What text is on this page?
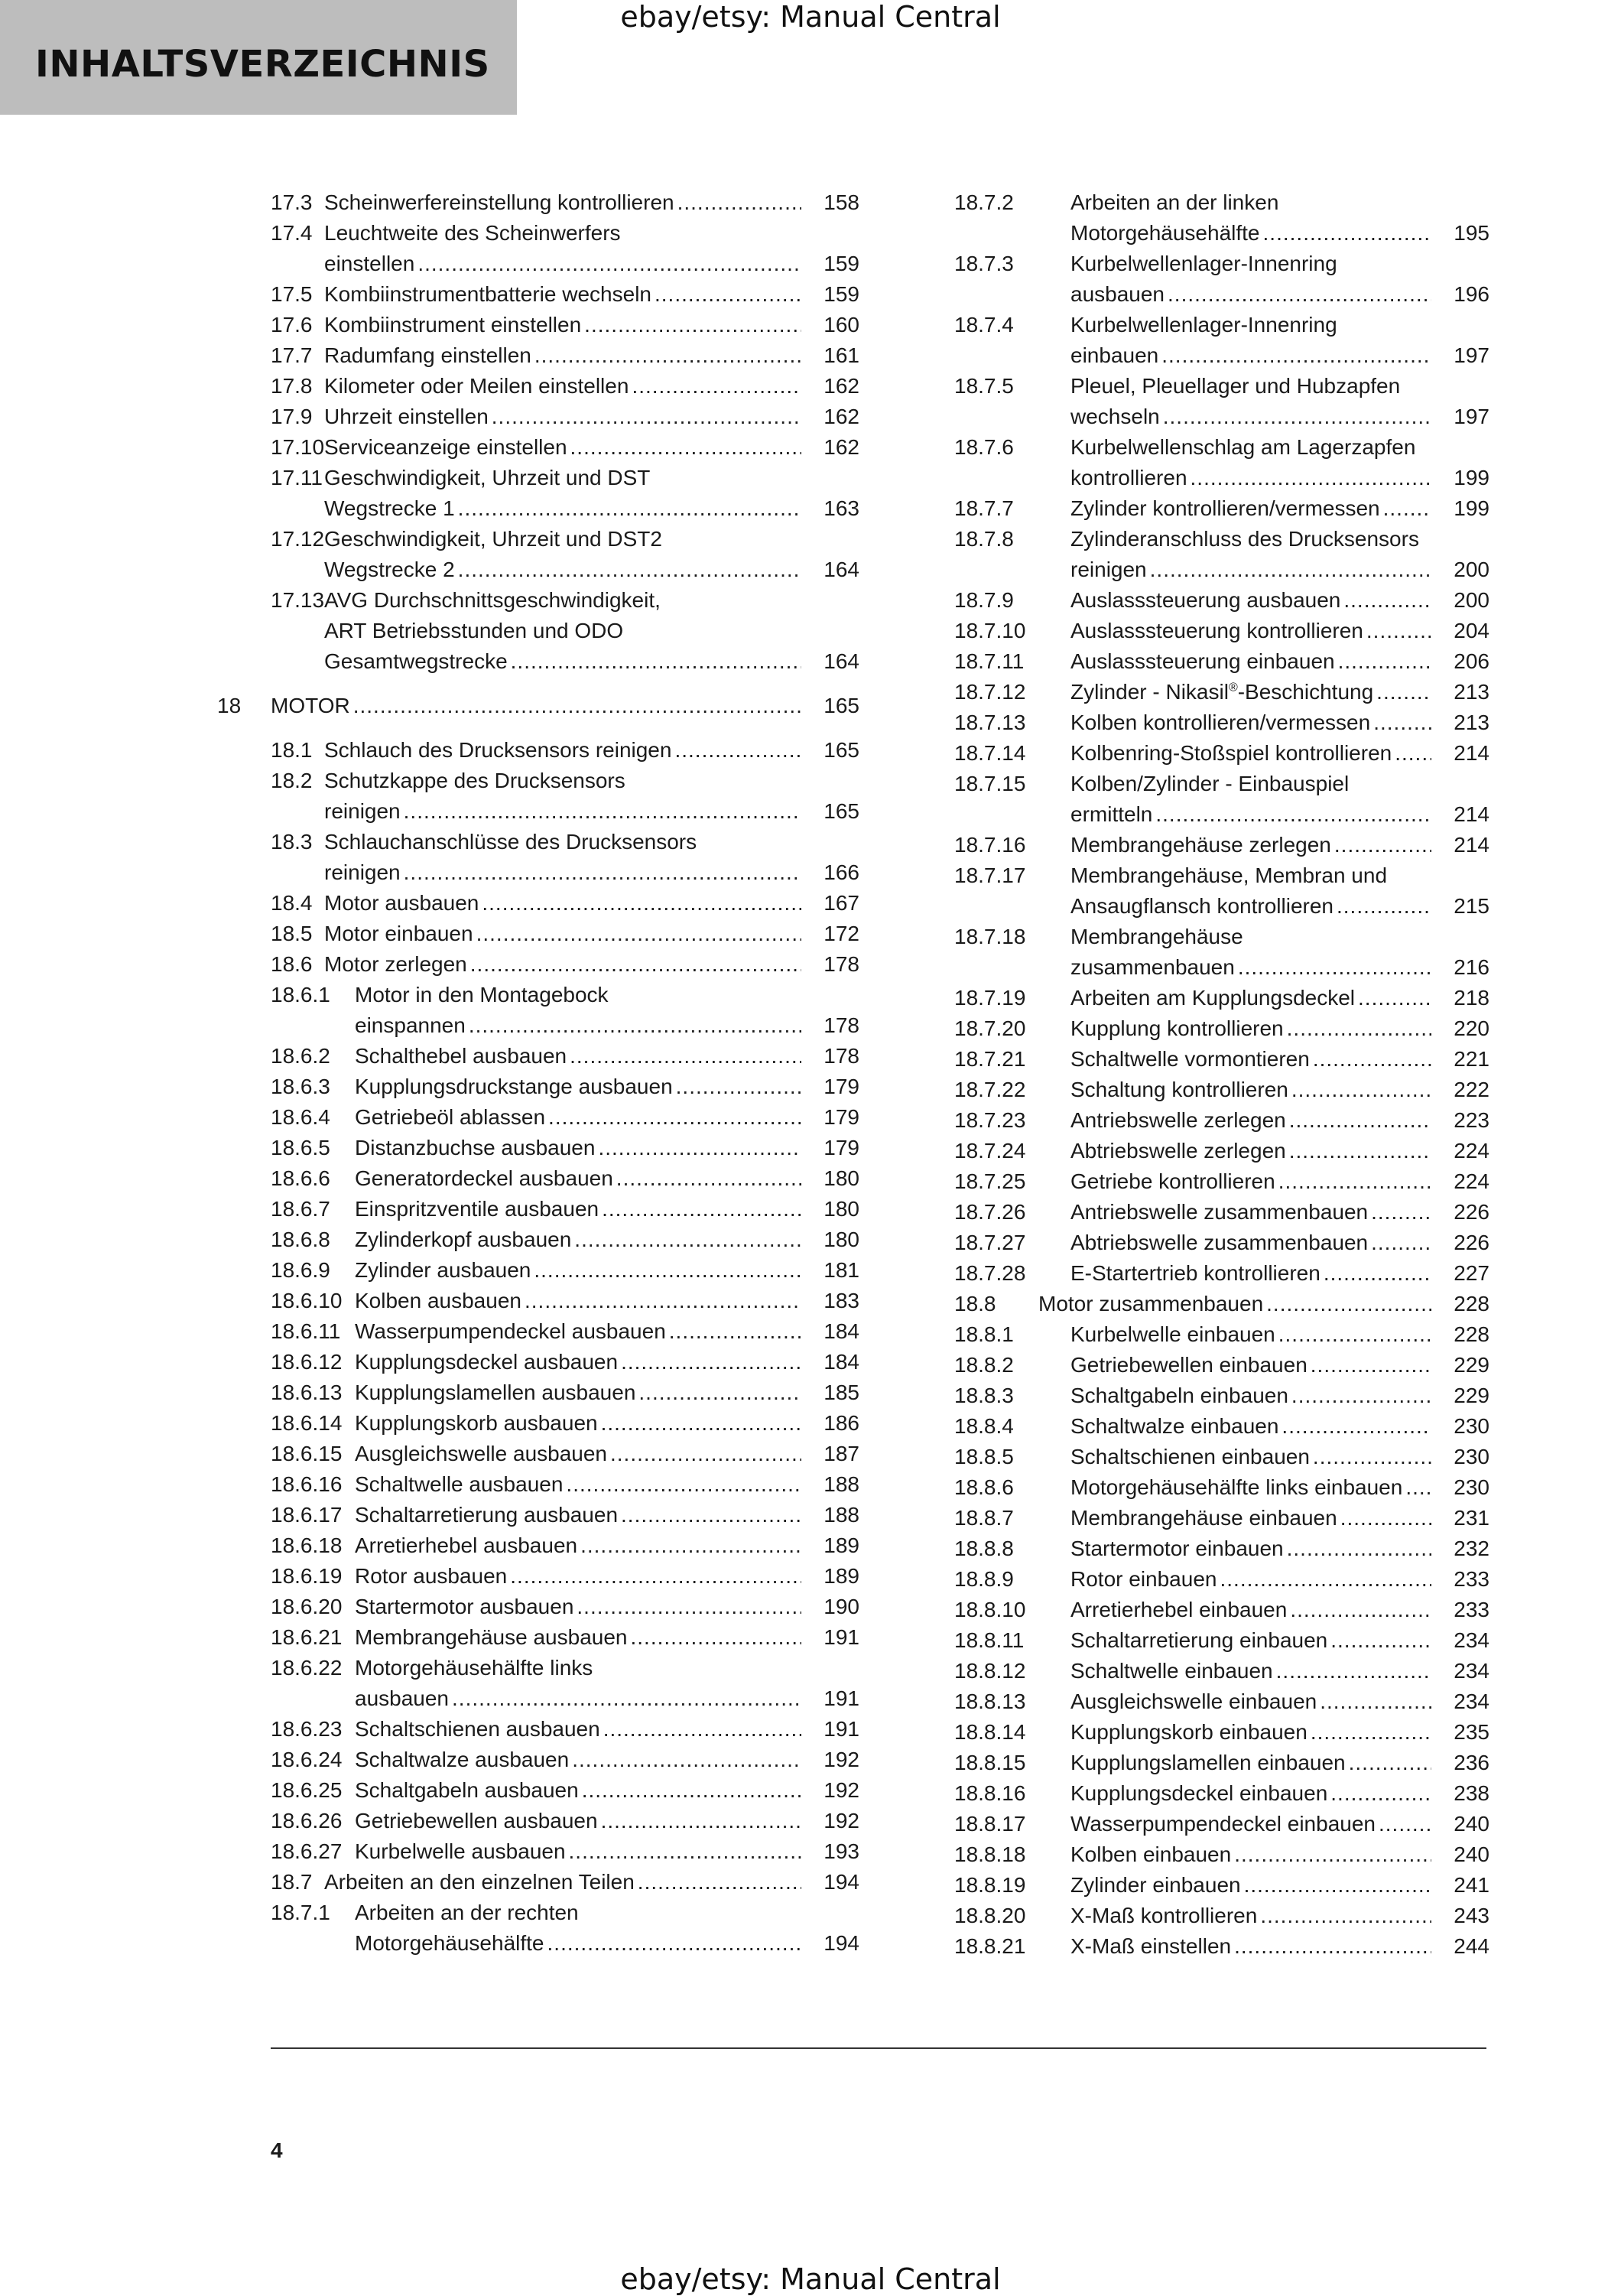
ebay/etsy: Manual Central
INHALTSVERZEICHNIS
17.3 Scheinwerfereinstellung kontrollieren .....	158
17.4 Leuchtweite des Scheinwerfers
einstellen .....	159
17.5 Kombiinstrumentbatterie wechseln .....	159
17.6 Kombiinstrument einstellen .....	160
17.7 Radumfang einstellen .....	161
17.8 Kilometer oder Meilen einstellen .....	162
17.9 Uhrzeit einstellen .....	162
17.10 Serviceanzeige einstellen .....	162
17.11 Geschwindigkeit, Uhrzeit und DST
Wegstrecke 1 .....	163
17.12 Geschwindigkeit, Uhrzeit und DST2
Wegstrecke 2 .....	164
17.13 AVG Durchschnittsgeschwindigkeit,
ART Betriebsstunden und ODO
Gesamtwegstrecke .....	164
18	MOTOR .....	165
18.1 Schlauch des Drucksensors reinigen .....	165
18.2 Schutzkappe des Drucksensors
reinigen .....	165
18.3 Schlauchanschlüsse des Drucksensors
reinigen .....	166
18.4 Motor ausbauen .....	167
18.5 Motor einbauen .....	172
18.6 Motor zerlegen .....	178
18.6.1 Motor in den Montagebock
einspannen .....	178
18.6.2 Schalthebel ausbauen .....	178
18.6.3 Kupplungsdruckstange ausbauen .....	179
18.6.4 Getriebeöl ablassen .....	179
18.6.5 Distanzbuchse ausbauen .....	179
18.6.6 Generatordeckel ausbauen .....	180
18.6.7 Einspritzventile ausbauen .....	180
18.6.8 Zylinderkopf ausbauen .....	180
18.6.9 Zylinder ausbauen .....	181
18.6.10 Kolben ausbauen .....	183
18.6.11 Wasserpumpendeckel ausbauen .....	184
18.6.12 Kupplungsdeckel ausbauen .....	184
18.6.13 Kupplungslamellen ausbauen .....	185
18.6.14 Kupplungskorb ausbauen .....	186
18.6.15 Ausgleichswelle ausbauen .....	187
18.6.16 Schaltwelle ausbauen .....	188
18.6.17 Schaltarretierung ausbauen .....	188
18.6.18 Arretierhebel ausbauen .....	189
18.6.19 Rotor ausbauen .....	189
18.6.20 Startermotor ausbauen .....	190
18.6.21 Membrangehäuse ausbauen .....	191
18.6.22 Motorgehäusehälfte links
ausbauen .....	191
18.6.23 Schaltschienen ausbauen .....	191
18.6.24 Schaltwalze ausbauen .....	192
18.6.25 Schaltgabeln ausbauen .....	192
18.6.26 Getriebewellen ausbauen .....	192
18.6.27 Kurbelwelle ausbauen .....	193
18.7 Arbeiten an den einzelnen Teilen .....	194
18.7.1 Arbeiten an der rechten
Motorgehäusehälfte .....	194
18.7.2	Arbeiten an der linken
Motorgehäusehälfte .....	195
18.7.3	Kurbelwellenlager-Innenring
ausbauen .....	196
18.7.4	Kurbelwellenlager-Innenring
einbauen .....	197
18.7.5	Pleuel, Pleuellager und Hubzapfen
wechseln .....	197
18.7.6	Kurbelwellenschlag am Lagerzapfen
kontrollieren .....	199
18.7.7	Zylinder kontrollieren/vermessen .....	199
18.7.8	Zylinderanschluss des Drucksensors
reinigen .....	200
18.7.9	Auslasssteuerung ausbauen .....	200
18.7.10	Auslasssteuerung kontrollieren .....	204
18.7.11	Auslasssteuerung einbauen .....	206
18.7.12	Zylinder - Nikasil®-Beschichtung .....	213
18.7.13	Kolben kontrollieren/vermessen .....	213
18.7.14	Kolbenring-Stoßspiel kontrollieren .....	214
18.7.15	Kolben/Zylinder - Einbauspiel
ermitteln .....	214
18.7.16	Membrangehäuse zerlegen .....	214
18.7.17	Membrangehäuse, Membran und
Ansaugflansch kontrollieren .....	215
18.7.18	Membrangehäuse
zusammenbauen .....	216
18.7.19	Arbeiten am Kupplungsdeckel .....	218
18.7.20	Kupplung kontrollieren .....	220
18.7.21	Schaltwelle vormontieren .....	221
18.7.22	Schaltung kontrollieren .....	222
18.7.23	Antriebswelle zerlegen .....	223
18.7.24	Abtriebswelle zerlegen .....	224
18.7.25	Getriebe kontrollieren .....	224
18.7.26	Antriebswelle zusammenbauen .....	226
18.7.27	Abtriebswelle zusammenbauen .....	226
18.7.28	E-Startertrieb kontrollieren .....	227
18.8	Motor zusammenbauen .....	228
18.8.1	Kurbelwelle einbauen .....	228
18.8.2	Getriebewellen einbauen .....	229
18.8.3	Schaltgabeln einbauen .....	229
18.8.4	Schaltwalze einbauen .....	230
18.8.5	Schaltschienen einbauen .....	230
18.8.6	Motorgehäusehälfte links einbauen .....	230
18.8.7	Membrangehäuse einbauen .....	231
18.8.8	Startermotor einbauen .....	232
18.8.9	Rotor einbauen .....	233
18.8.10	Arretierhebel einbauen .....	233
18.8.11	Schaltarretierung einbauen .....	234
18.8.12	Schaltwelle einbauen .....	234
18.8.13	Ausgleichswelle einbauen .....	234
18.8.14	Kupplungskorb einbauen .....	235
18.8.15	Kupplungslamellen einbauen .....	236
18.8.16	Kupplungsdeckel einbauen .....	238
18.8.17	Wasserpumpendeckel einbauen .....	240
18.8.18	Kolben einbauen .....	240
18.8.19	Zylinder einbauen .....	241
18.8.20	X-Maß kontrollieren .....	243
18.8.21	X-Maß einstellen .....	244
4
ebay/etsy: Manual Central
